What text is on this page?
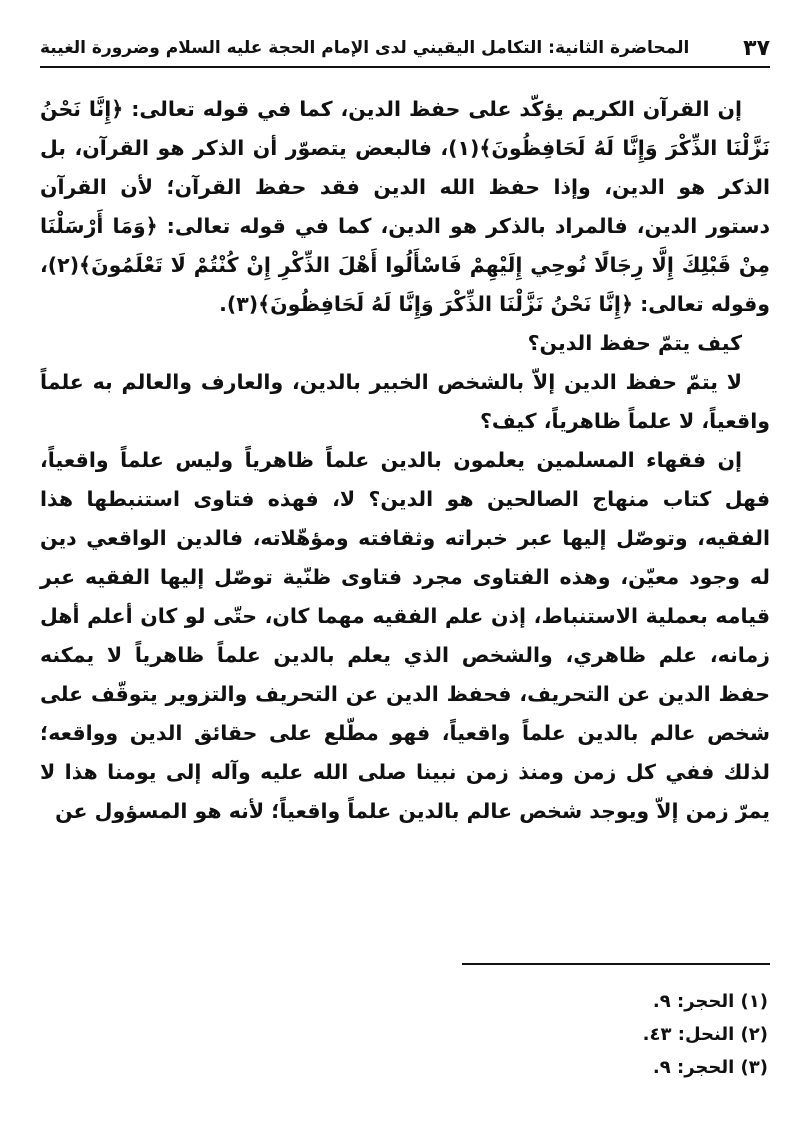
٣٧
المحاضرة الثانية: التكامل اليقيني لدى الإمام الحجة عليه السلام وضرورة الغيبة

إن القرآن الكريم يؤكّد على حفظ الدين، كما في قوله تعالى: ﴿إِنَّا نَحْنُ نَزَّلْنَا الذِّكْرَ وَإِنَّا لَهُ لَحَافِظُونَ﴾(١)، فالبعض يتصوّر أن الذكر هو القرآن، بل الذكر هو الدين، وإذا حفظ الله الدين فقد حفظ القرآن؛ لأن القرآن دستور الدين، فالمراد بالذكر هو الدين، كما في قوله تعالى: ﴿وَمَا أَرْسَلْنَا مِنْ قَبْلِكَ إِلَّا رِجَالًا نُوحِي إِلَيْهِمْ فَاسْأَلُوا أَهْلَ الذِّكْرِ إِنْ كُنْتُمْ لَا تَعْلَمُونَ﴾(٢)، وقوله تعالى: ﴿إِنَّا نَحْنُ نَزَّلْنَا الذِّكْرَ وَإِنَّا لَهُ لَحَافِظُونَ﴾(٣).

كيف يتمّ حفظ الدين؟

لا يتمّ حفظ الدين إلاّ بالشخص الخبير بالدين، والعارف والعالم به علماً واقعياً، لا علماً ظاهرياً، كيف؟

إن فقهاء المسلمين يعلمون بالدين علماً ظاهرياً وليس علماً واقعياً، فهل كتاب منهاج الصالحين هو الدين؟ لا، فهذه فتاوى استنبطها هذا الفقيه، وتوصّل إليها عبر خبراته وثقافته ومؤهّلاته، فالدين الواقعي دين له وجود معيّن، وهذه الفتاوى مجرد فتاوى ظنّية توصّل إليها الفقيه عبر قيامه بعملية الاستنباط، إذن علم الفقيه مهما كان، حتّى لو كان أعلم أهل زمانه، علم ظاهري، والشخص الذي يعلم بالدين علماً ظاهرياً لا يمكنه حفظ الدين عن التحريف، فحفظ الدين عن التحريف والتزوير يتوقّف على شخص عالم بالدين علماً واقعياً، فهو مطّلع على حقائق الدين وواقعه؛ لذلك ففي كل زمن ومنذ زمن نبينا صلى الله عليه وآله إلى يومنا هذا لا يمرّ زمن إلاّ ويوجد شخص عالم بالدين علماً واقعياً؛ لأنه هو المسؤول عن

(١) الحجر: ٩.
(٢) النحل: ٤٣.
(٣) الحجر: ٩.
